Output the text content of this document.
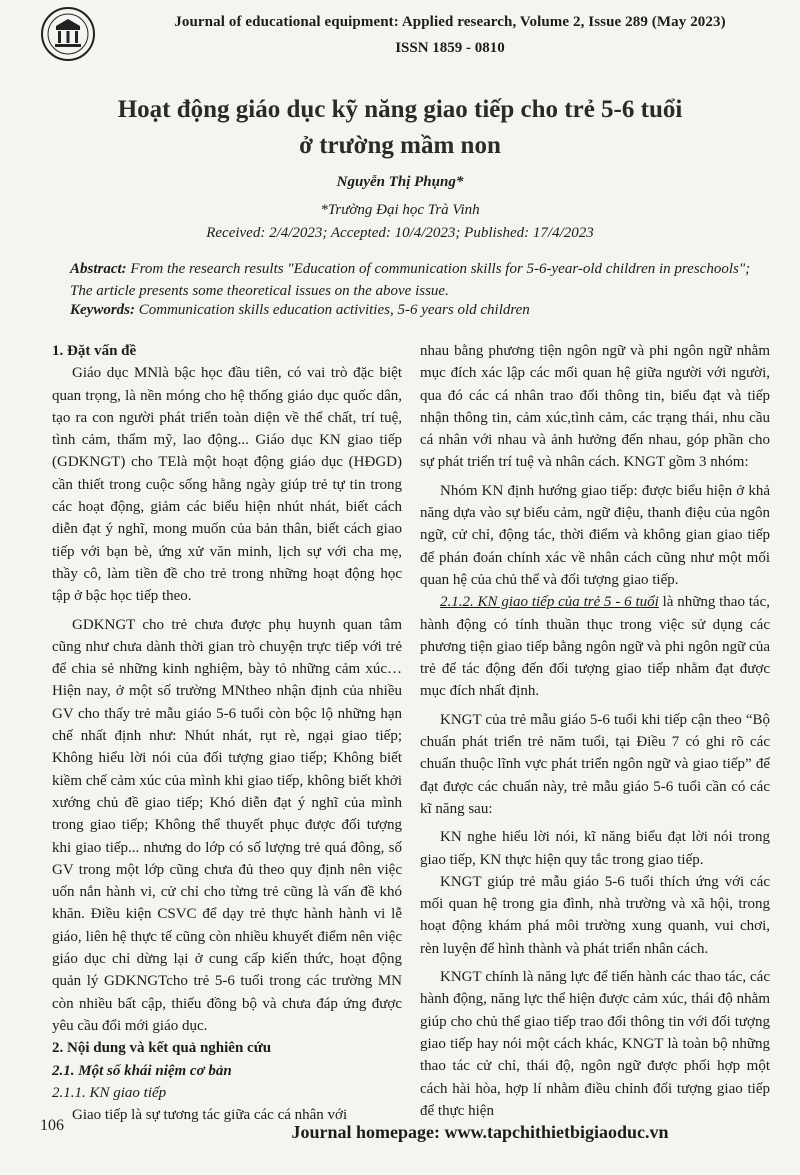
Journal of educational equipment: Applied research, Volume 2, Issue 289 (May 2023)
ISSN 1859 - 0810
Hoạt động giáo dục kỹ năng giao tiếp cho trẻ 5-6 tuổi
ở trường mầm non
Nguyễn Thị Phụng*
*Trường Đại học Trà Vinh
Received: 2/4/2023; Accepted: 10/4/2023; Published: 17/4/2023

Abstract: From the research results "Education of communication skills for 5-6-year-old children in preschools"; The article presents some theoretical issues on the above issue.

Keywords: Communication skills education activities, 5-6 years old children

1. Đặt vấn đề

Giáo dục MNlà bậc học đầu tiên, có vai trò đặc biệt quan trọng, là nền móng cho hệ thống giáo dục quốc dân, tạo ra con người phát triển toàn diện về thể chất, trí tuệ, tình cảm, thẩm mỹ, lao động... Giáo dục KN giao tiếp (GDKNGT) cho TElà một hoạt động giáo dục (HĐGD) cần thiết trong cuộc sống hằng ngày giúp trẻ tự tin trong các hoạt động, giảm các biểu hiện nhút nhát, biết cách diễn đạt ý nghĩ, mong muốn của bản thân, biết cách giao tiếp với bạn bè, ứng xử văn minh, lịch sự với cha mẹ, thầy cô, làm tiền đề cho trẻ trong những hoạt động học tập ở bậc học tiếp theo.

GDKNGT cho trẻ chưa được phụ huynh quan tâm cũng như chưa dành thời gian trò chuyện trực tiếp với trẻ để chia sẻ những kinh nghiệm, bày tỏ những cảm xúc… Hiện nay, ở một số trường MNtheo nhận định của nhiều GV cho thấy trẻ mẫu giáo 5-6 tuổi còn bộc lộ những hạn chế nhất định như: Nhút nhát, rụt rè, ngại giao tiếp; Không hiểu lời nói của đối tượng giao tiếp; Không biết kiềm chế cảm xúc của mình khi giao tiếp, không biết khởi xướng chủ đề giao tiếp; Khó diễn đạt ý nghĩ của mình trong giao tiếp; Không thể thuyết phục được đối tượng khi giao tiếp... nhưng do lớp có số lượng trẻ quá đông, số GV trong một lớp cũng chưa đủ theo quy định nên việc uốn nắn hành vi, cử chỉ cho từng trẻ cũng là vấn đề khó khăn. Điều kiện CSVC để dạy trẻ thực hành hành vi lễ giáo, liên hệ thực tế cũng còn nhiều khuyết điểm nên việc giáo dục chỉ dừng lại ở cung cấp kiến thức, hoạt động quản lý GDKNGTcho trẻ 5-6 tuổi trong các trường MN còn nhiều bất cập, thiếu đồng bộ và chưa đáp ứng được yêu cầu đổi mới giáo dục.

2. Nội dung và kết quả nghiên cứu

2.1. Một số khái niệm cơ bản

2.1.1. KN giao tiếp

Giao tiếp là sự tương tác giữa các cá nhân với

nhau bằng phương tiện ngôn ngữ và phi ngôn ngữ nhằm mục đích xác lập các mối quan hệ giữa người với người, qua đó các cá nhân trao đổi thông tin, biểu đạt và tiếp nhận thông tin, cảm xúc,tình cảm, các trạng thái, nhu cầu cá nhân với nhau và ảnh hưởng đến nhau, góp phần cho sự phát triển trí tuệ và nhân cách. KNGT gồm 3 nhóm:

Nhóm KN định hướng giao tiếp: được biểu hiện ở khả năng dựa vào sự biểu cảm, ngữ điệu, thanh điệu của ngôn ngữ, cử chỉ, động tác, thời điểm và không gian giao tiếp để phán đoán chính xác về nhân cách cũng như một mối quan hệ của chủ thể và đối tượng giao tiếp.

2.1.2. KN giao tiếp của trẻ 5 - 6 tuổi là những thao tác, hành động có tính thuần thục trong việc sử dụng các phương tiện giao tiếp bằng ngôn ngữ và phi ngôn ngữ của trẻ để tác động đến đối tượng giao tiếp nhằm đạt được mục đích nhất định.

KNGT của trẻ mẫu giáo 5-6 tuổi khi tiếp cận theo “Bộ chuẩn phát triển trẻ năm tuổi, tại Điều 7 có ghi rõ các chuẩn thuộc lĩnh vực phát triển ngôn ngữ và giao tiếp” để đạt được các chuẩn này, trẻ mẫu giáo 5-6 tuổi cần có các kĩ năng sau:

KN nghe hiểu lời nói, kĩ năng biểu đạt lời nói trong giao tiếp, KN thực hiện quy tắc trong giao tiếp.

KNGT giúp trẻ mẫu giáo 5-6 tuổi thích ứng với các mối quan hệ trong gia đình, nhà trường và xã hội, trong hoạt động khám phá môi trường xung quanh, vui chơi, rèn luyện để hình thành và phát triển nhân cách.

KNGT chính là năng lực để tiến hành các thao tác, các hành động, năng lực thể hiện được cảm xúc, thái độ nhằm giúp cho chủ thể giao tiếp trao đổi thông tin với đối tượng giao tiếp hay nói một cách khác, KNGT là toàn bộ những thao tác cử chỉ, thái độ, ngôn ngữ được phối hợp một cách hài hòa, hợp lí nhằm điều chỉnh đối tượng giao tiếp để thực hiện

106	Journal homepage: www.tapchithietbigiaoduc.vn
